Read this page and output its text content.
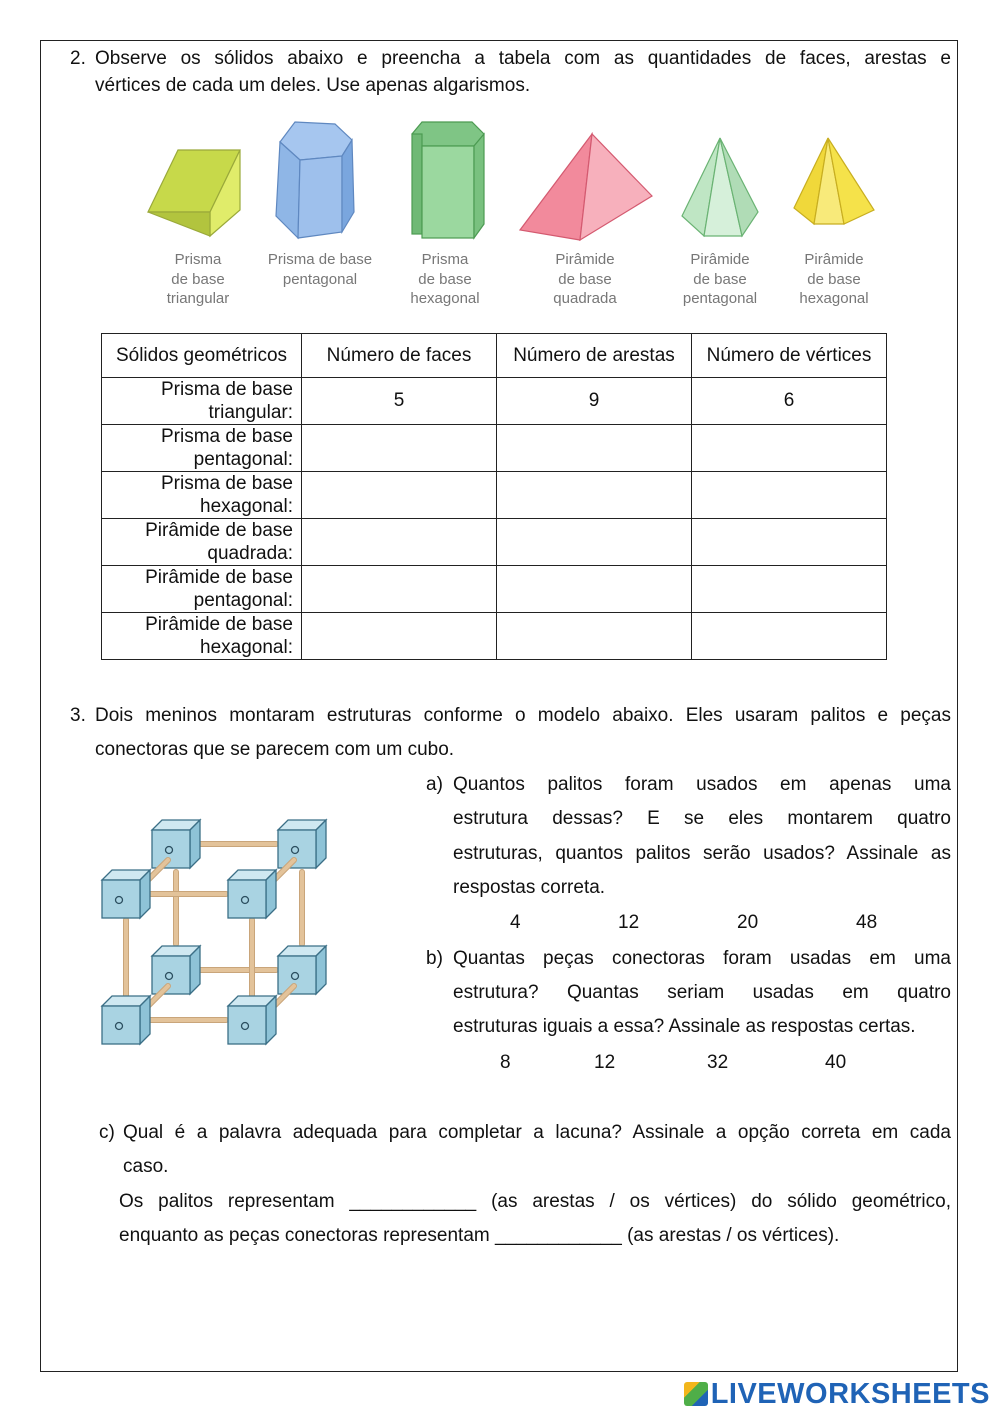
2. Observe os sólidos abaixo e preencha a tabela com as quantidades de faces, arestas e
vértices de cada um deles. Use apenas algarismos.
Prisma
de base
triangular
Prisma de base
pentagonal

Prisma
de base
hexagonal
Pirâmide
de base
quadrada
Pirâmide
de base
pentagonal
Pirâmide
de base
hexagonal
Sólidos geométricos	Número de faces	Número de arestas	Número de vértices
Prisma de base
triangular:	5	9	6
Prisma de base
pentagonal:			
Prisma de base
hexagonal:			
Pirâmide de base
quadrada:			
Pirâmide de base
pentagonal:			
Pirâmide de base
hexagonal:			
3. Dois meninos montaram estruturas conforme o modelo abaixo. Eles usaram palitos e peças
conectoras que se parecem com um cubo.
a) Quantos palitos foram usados em apenas uma
estrutura dessas? E se eles montarem quatro
estruturas, quantos palitos serão usados? Assinale as
respostas correta.
4	12	20	48
b) Quantas peças conectoras foram usadas em uma
estrutura? Quantas seriam usadas em quatro
estruturas iguais a essa? Assinale as respostas certas.
8	12	32	40
c) Qual é a palavra adequada para completar a lacuna? Assinale a opção correta em cada
caso.
Os palitos representam ____________ (as arestas / os vértices) do sólido geométrico,
enquanto as peças conectoras representam ____________ (as arestas / os vértices).
LIVEWORKSHEETS
